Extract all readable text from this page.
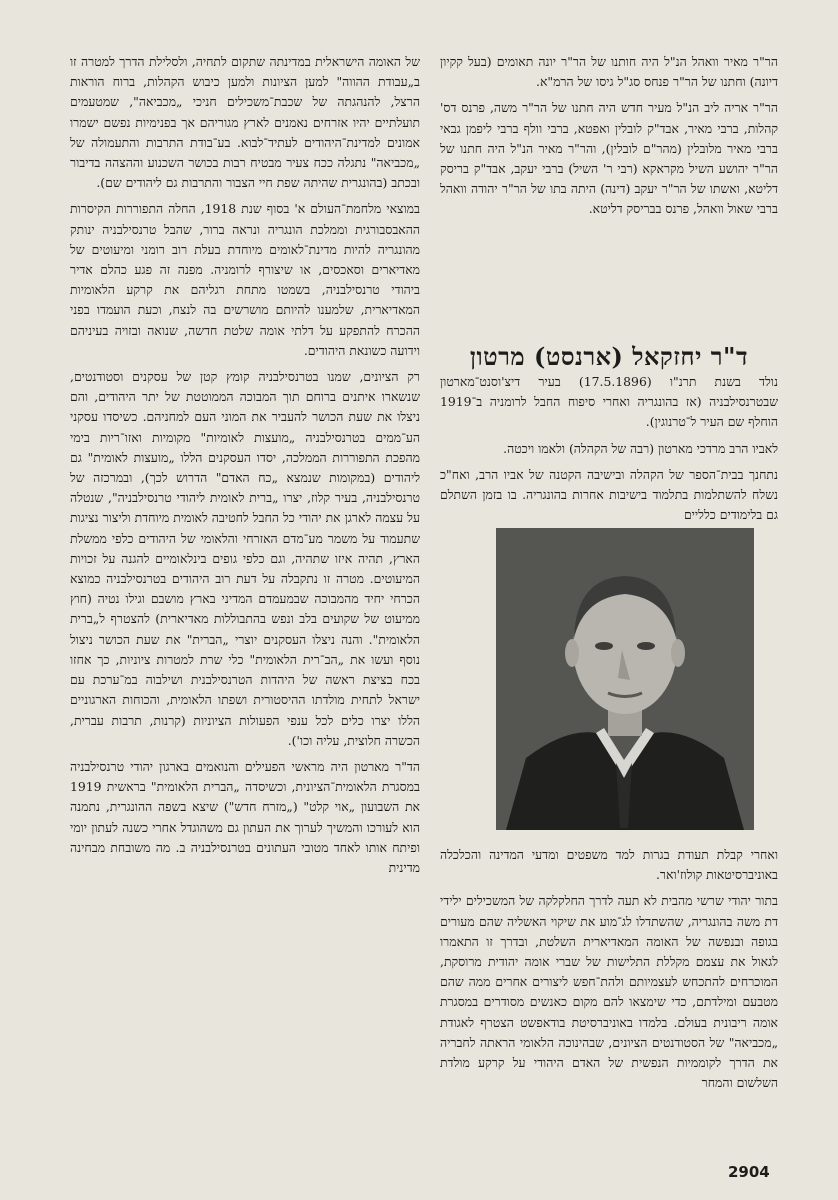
הר"ר מאיר וואהל הנ"ל היה חותנו של הר"ר יונה תאומים (בעל קקיון דיונה) וחתנו של הר"ר פנחס סג"ל גיסו של הרמ"א.

הר"ר אריה ליב הנ"ל מעיר חדש היה חתנו של הר"ר משה, פרנס דס' קהלות, ברבי מאיר, אבד"ק לובלין ואפטא, ברבי וולף ברבי ליפמן גבאי ברבי מאיר מלובלין (מהר"ם לובלין), והר"ר מאיר הנ"ל היה חתנו של הר"ר יהושע השיל מקראקא (רבי ר' השיל) ברבי יעקב, אבד"ק בריסק דליטא, ואשתו של הר"ר יעקב (דינה) היתה בתו של הר"ר יהודה וואהל ברבי שאול וואהל, פרנס בבריסק דליטא.

ד"ר יחזקאל (ארנסט) מרטון

נולד בשנת תרנ"ו (17.5.1896) בעיר דיצ'וסנט־מארטון שבטרנסילבניה (אז בהונגריה ואחרי סיפוח החבל לרומניה ב־1919 הוחלף שם העיר ל־טרנוגין).

לאביו הרב מרדכי מארטון (רבה של הקהלה) ולאמו ויכטה.

נתחנך בבית־הספר של הקהלה ובישיבה הקטנה של אביו הרב, ואח"כ נשלח להשתלמות בתלמוד בישיבות אחרות בהונגריה. בו בזמן השתלם גם בלימודים כלליים

ואחרי קבלת תעודת בגרות למד משפטים ומדעי המדינה והכלכלה באוניברסיטאות קולוז'ואר.

בתור יהודי שרשי מהבית לא תעה לדרך החלקלקה של המשכילים ילידי דת משה בהונגריה, שהשתדלו לג־מוע את שיקוי האשליה שהם מעורים בגופה ובנפשה של האומה המאדיארית השלטת, ובדרך זו התאמרו לגאול את עצמם מקללת התלישות של שברי אומה יהודית מרוסקת, המוכרחים להתכחש לעצמיותם ולהת־חפש ליצורים אחרים ממה שהם מטבעם ומילדתם, כדי שימצאו להם מקום כאנשים מסודרים במסגרת אומה ריבונית בעולם. בלמדו באוניברסיטת בודאפשט הצטרף לאגודת „מכביאה" של הסטודנטים הציונים, שבהינוכה הלאומי הראתה לחבריה את הדרך לקוממיות הנפשית של האדם היהודי על קרקע מולדת השלשום והמחר

של האומה הישראלית במדינתה שתקום לתחיה, ולסלילת הדרך למטרה זו ב„עבודת ההווה" למען הציונות ולמען כיבוש הקהלות, ברוח הוראות הרצל, להנהגתה של שכבת־משכילים חניכי „מכביאה", שמטעמים תועלתיים יהיו אזרחים נאמנים לארץ מגוריהם אך בפנימיות נפשם ישמרו אמונים למדינת־היהודים לעתיד־לבוא. בע־בודת התרבות והתעמולה של „מכביאה" נתגלה ככח צעיר מבטיח רבות בכושר השכנוע וההצהה בדיבור ובכתב (בהונגרית שהיתה שפת חיי הצבור והתרבות גם ליהודים שם).

במוצאי מלחמת־העולם א' בסוף שנת 1918, החלה התפוררות הקיסרות ההאבסבורגית וממלכת הונגריה ונראה ברור, שהבל טרנסילבניה ינותק מהונגריה להיות מדינת־לאומים מיוחדת בעלת רוב רומני ומיעוטים של מאדיארים וסאכסים, או שיצורף לרומניה. מפנה זה פגע כהלם אדיר ביהודי טרנסילבניה, בשמטו מתחת רגליהם את קרקע הלאומיות המאדיארית, שלמענו להיותם מושרשים בה לנצח, וכעת הועמדו בפני ההכרח להתפקע על דלתי אומה שלטת חדשה, שנואה ובזויה בעיניהם וידועה כשונאת היהודים.

רק הציונים, שמנו בטרנסילבניה קומץ קטן של עסקנים וסטודנטים, שנשארו איתנים ברוחם תוך המבוכה הממוטטת של יתר היהודים, והם ניצלו את שעת הכושר להעביר את המוני העם למחניהם. כשיסדו עסקני הע־ממים בטרנסילבניה „מועצות לאומיות" מקומיות ואזו־ריות בימי מהפכת התפוררות הממלכה, יסדו העסקנים הללו „מועצות לאומית" גם ליהודים (במקומות שנמצא „כח האדם" הדרוש לכך), ובמרכזה של טרנסילבניה, בעיר קלוז, יצרו „ברית לאומית ליהודי טרנסילבניה", שנטלה על עצמה לארגן את יהודי כל החבל לחטיבה לאומית מיוחדת וליצור נציגות שתעמוד על משמר מע־מדם האזרחי והלאומי של היהודים כלפי ממשלת הארץ, תהיה איזו שתהיה, וגם כלפי גופים בינלאומיים להגנה על זכויות המיעוטים. מטרה זו נתקבלה על דעת רוב היהודים בטרנסילבניה כמוצא הכרחי יחיד מהמבוכה שבמעמדם המדיני בארץ מושבם וגילו נטיה (חוץ ממיעוט של שקועים בלב ונפש בהתבוללות מאדיארית) להצטרף ל„ברית הלאומית". והנה ניצלו העסקנים יוצרי „הברית" את שעת הכושר ניצול נוסף ועשו את „הב־רית הלאומית" כלי שרת למטרות ציוניות, כך אחזו בכח בציצת ראשה של היהדות הטרנסילבנית ושילבוה במ־ערכת עם ישראל לתחית מולדתו ההיסטורית ושפתו הלאומית, והכוחות הארגוניים הללו יצרו כלים לכל ענפי הפעולות הציוניות (קרנות, תרבות עברית, הכשרה חלוצית, עליה וכו').

הד"ר מארטון היה מראשי הפעילים והנואמים בארגון יהודי טרנסילבניה במסגרת הלאומית־הציונית, וכשיסדה „הברית הלאומית" בראשית 1919 את השבועון „אוי קלט" („מזרח חדש") שיצא בשפה ההונגרית, נתמנה הוא לעורכו והמשיך לערוך את העתון גם משהוגדל אחרי כשנה לעתון יומי ופיתח אותו לאחד מטובי העתונים בטרנסילבניה ב. מה משובחת מבחינה מדינית

2904
